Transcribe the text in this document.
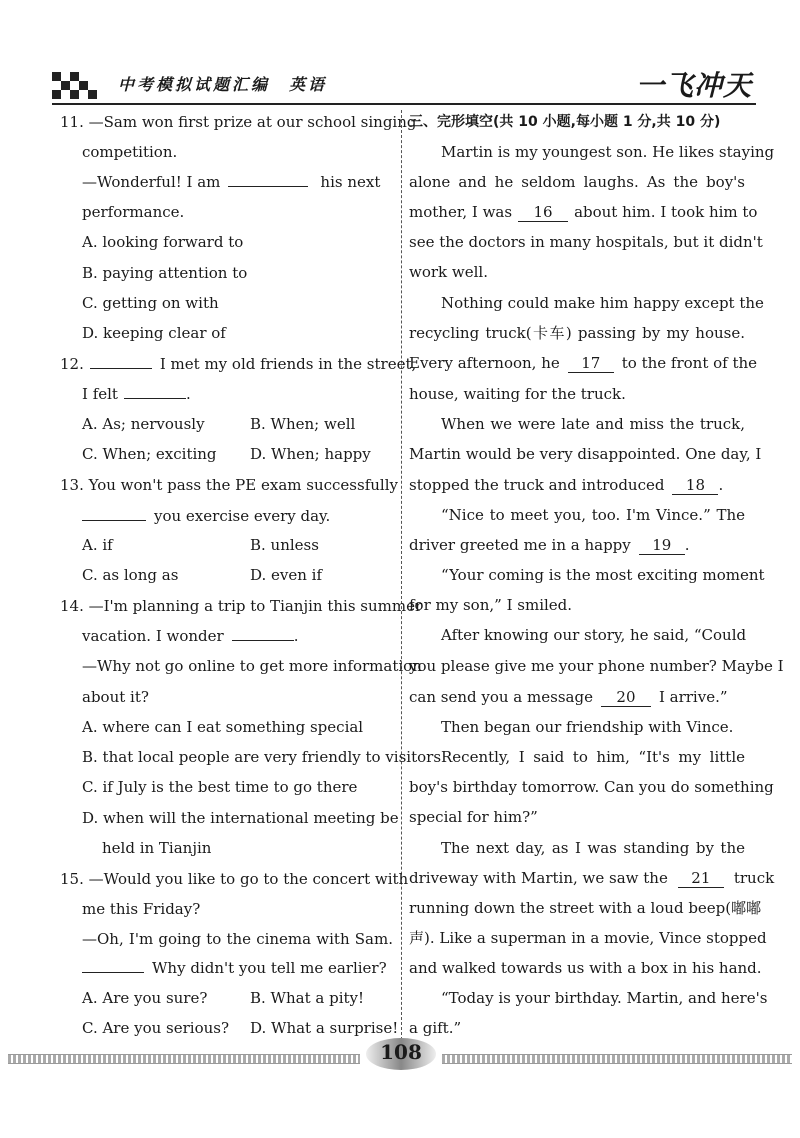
中考模拟试题汇编　英语	一飞冲天
11. —Sam won first prize at our school singing
competition.
—Wonderful! I am	his next
performance.
A. looking forward to
B. paying attention to
C. getting on with
D. keeping clear of
12.	I met my old friends in the street,
I felt	.
A. As; nervously	B. When; well
C. When; exciting D. When; happy
13. You won't pass the PE exam successfully
you exercise every day.
A. if	B. unless
C. as long as	D. even if
14. —I'm planning a trip to Tianjin this summer
vacation. I wonder	.
—Why not go online to get more information
about it?
A. where can I eat something special
B. that local people are very friendly to visitors
C. if July is the best time to go there
D. when will the international meeting be
held in Tianjin
15. —Would you like to go to the concert with
me this Friday?
—Oh, I'm going to the cinema with Sam.
Why didn't you tell me earlier?
A. Are you sure?	B. What a pity!
C. Are you serious? D. What a surprise!
三、完形填空(共 10 小题,每小题 1 分,共 10 分)
Martin is my youngest son. He likes staying
alone and he seldom laughs. As the boy's
mother, I was 16 about him. I took him to
see the doctors in many hospitals, but it didn't
work well.
Nothing could make him happy except the
recycling truck(卡车) passing by my house.
Every afternoon, he 17 to the front of the
house, waiting for the truck.
When we were late and miss the truck,
Martin would be very disappointed. One day, I
stopped the truck and introduced 18 .
“Nice to meet you, too. I'm Vince.” The
driver greeted me in a happy 19 .
“Your coming is the most exciting moment
for my son,” I smiled.
After knowing our story, he said, “Could
you please give me your phone number? Maybe I
can send you a message 20 I arrive.”
Then began our friendship with Vince.
Recently, I said to him, “It's my little
boy's birthday tomorrow. Can you do something
special for him?”
The next day, as I was standing by the
driveway with Martin, we saw the 21 truck
running down the street with a loud beep(嘟嘟
声). Like a superman in a movie, Vince stopped
and walked towards us with a box in his hand.
“Today is your birthday. Martin, and here's
a gift.”
108
